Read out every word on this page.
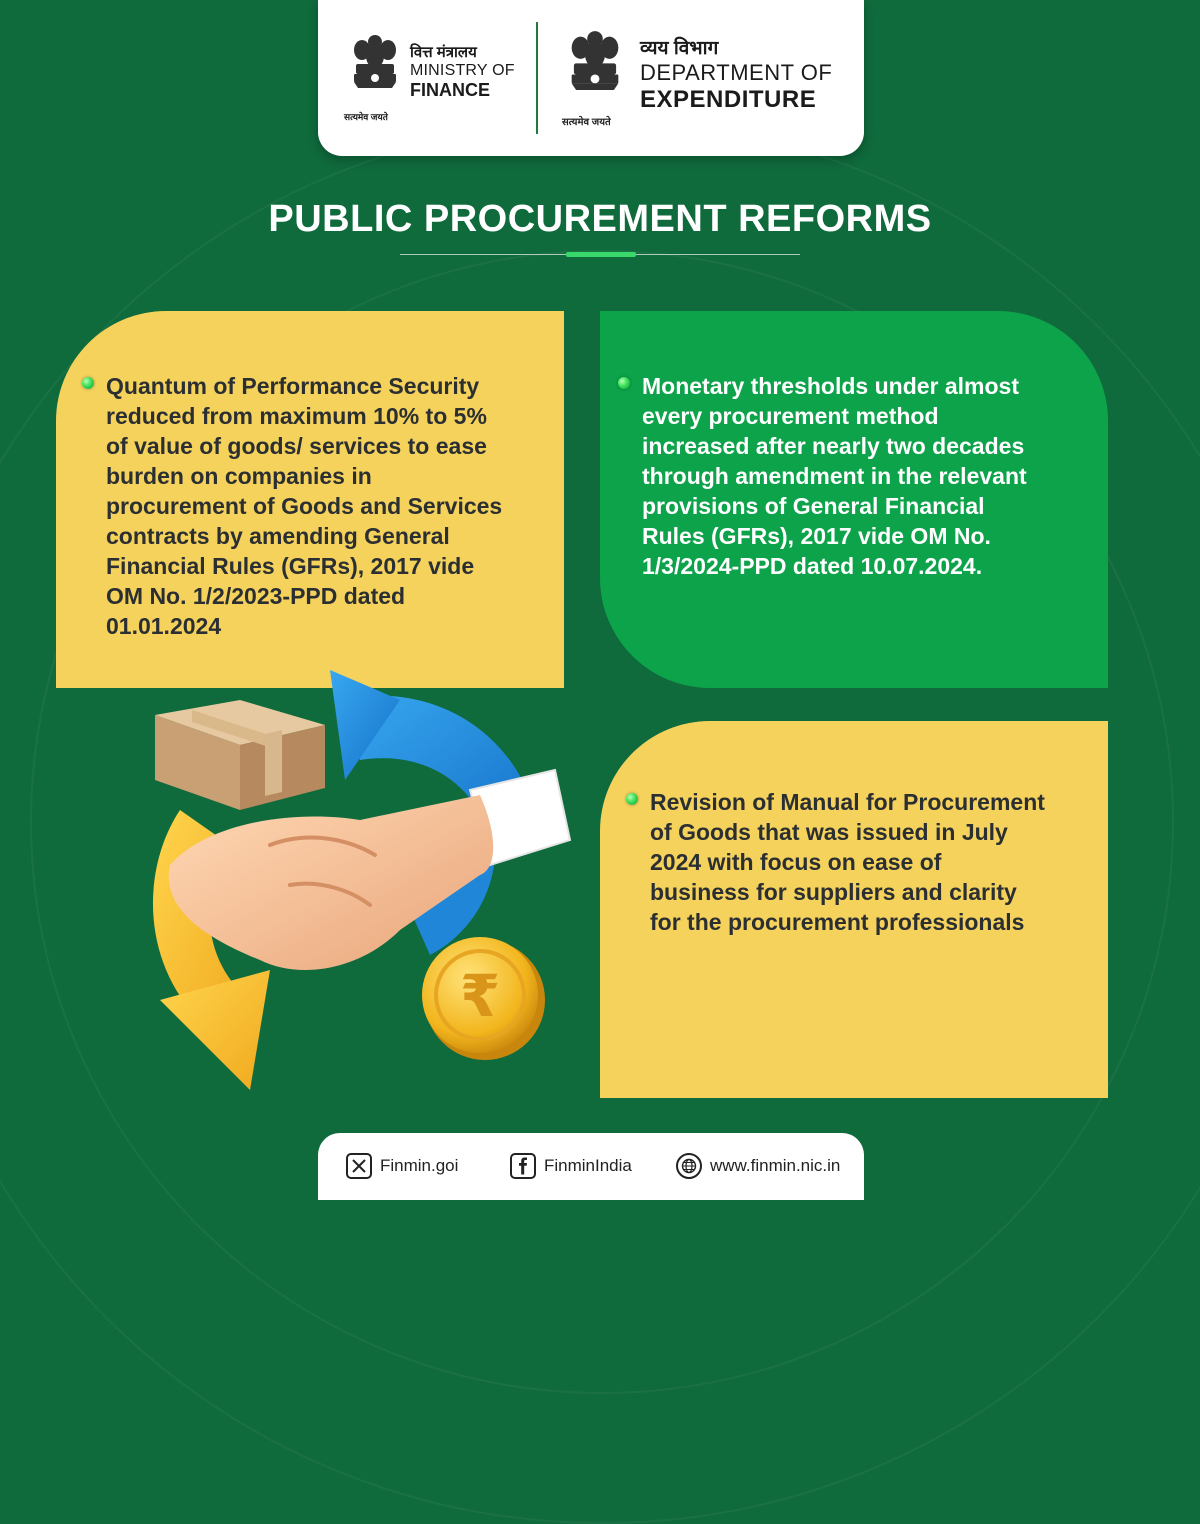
सत्यमेव जयते
वित्त मंत्रालय
MINISTRY OF
FINANCE
सत्यमेव जयते
व्यय विभाग
DEPARTMENT OF
EXPENDITURE
PUBLIC PROCUREMENT REFORMS
Quantum of Performance Security
reduced from maximum 10% to 5%
of value of goods/ services to ease
burden on companies in
procurement of Goods and Services
contracts by amending General
Financial Rules (GFRs), 2017 vide
OM No. 1/2/2023-PPD dated
01.01.2024
Monetary thresholds under almost
every procurement method
increased after nearly two decades
through amendment in the relevant
provisions of General Financial
Rules (GFRs), 2017 vide OM No.
1/3/2024-PPD dated 10.07.2024.
Revision of Manual for Procurement
of Goods that was issued in July
2024 with focus on ease of
business for suppliers and clarity
for the procurement professionals
₹
Finmin.goi	FinminIndia	www.finmin.nic.in
